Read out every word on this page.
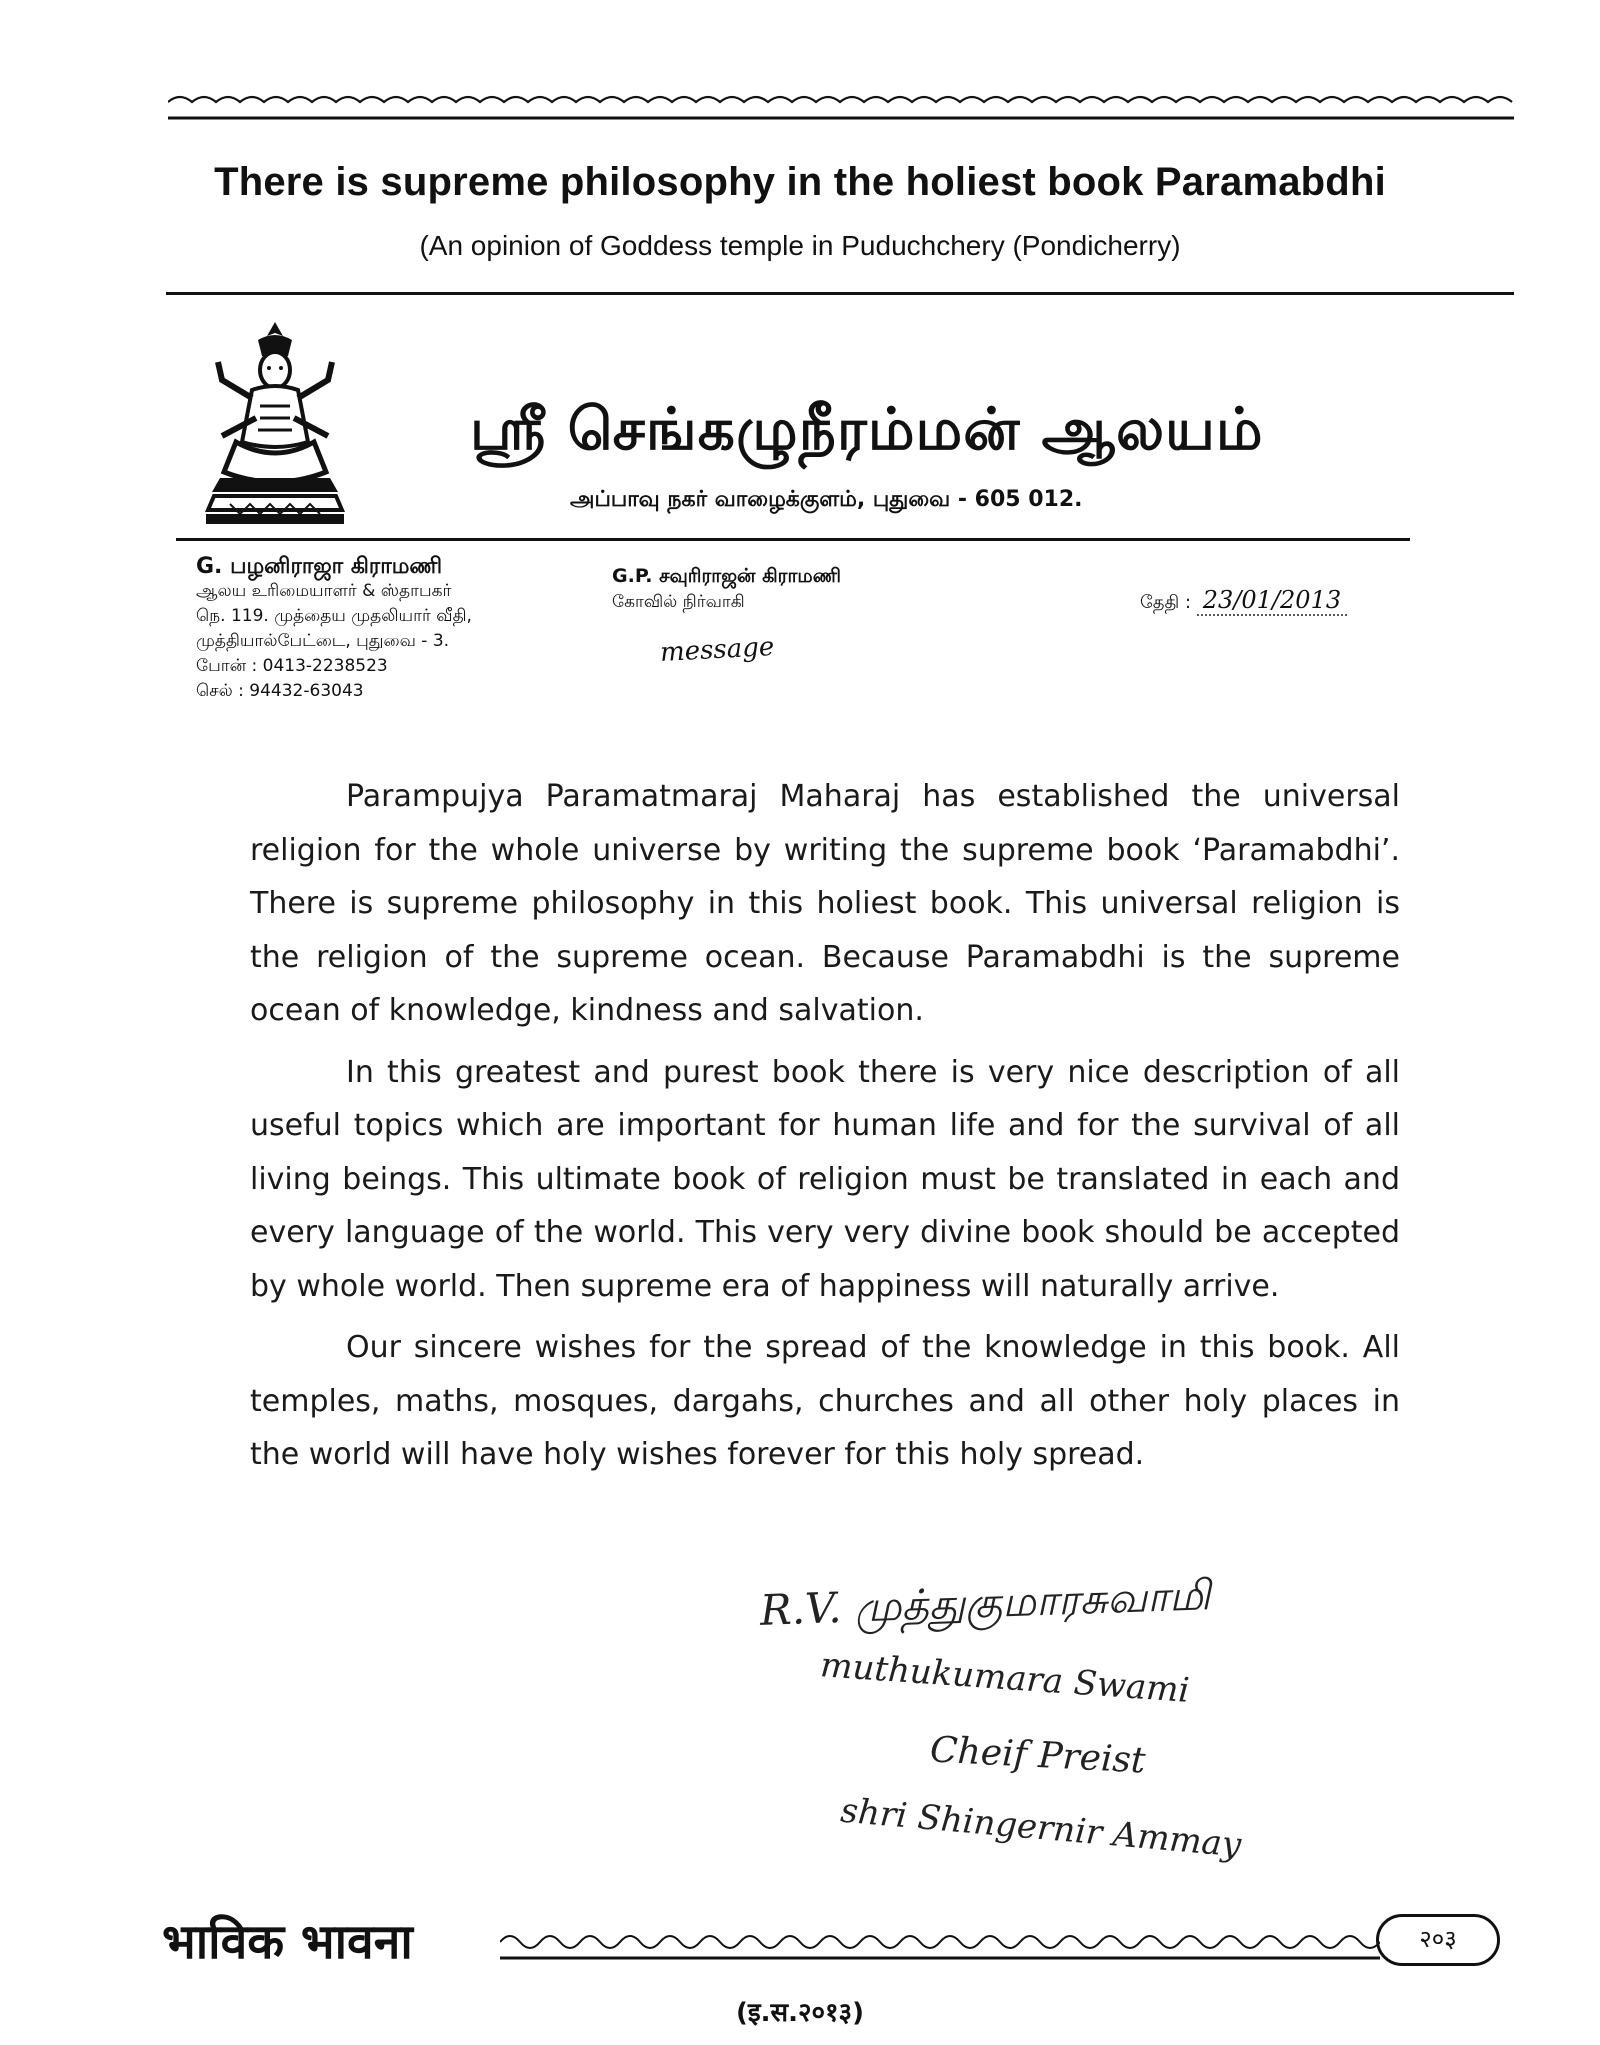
There is supreme philosophy in the holiest book Paramabdhi
(An opinion of Goddess temple in Puduchchery (Pondicherry)
ஸ்ரீ செங்கழுநீரம்மன் ஆலயம்
அப்பாவு நகர் வாழைக்குளம், புதுவை - 605 012.
G. பழனிராஜா கிராமணி
ஆலய உரிமையாளர் & ஸ்தாபகர்
நெ. 119. முத்தைய முதலியார் வீதி,
முத்தியால்பேட்டை, புதுவை - 3.
போன் : 0413-2238523
செல் : 94432-63043
G.P. சவுரிராஜன் கிராமணி
கோவில் நிர்வாகி	தேதி : 23/01/2013
message

Parampujya Paramatmaraj Maharaj has established the universal religion for the whole universe by writing the supreme book ‘Paramabdhi’. There is supreme philosophy in this holiest book. This universal religion is the religion of the supreme ocean. Because Paramabdhi is the supreme ocean of knowledge, kindness and salvation.

In this greatest and purest book there is very nice description of all useful topics which are important for human life and for the survival of all living beings. This ultimate book of religion must be translated in each and every language of the world. This very very divine book should be accepted by whole world. Then supreme era of happiness will naturally arrive.

Our sincere wishes for the spread of the knowledge in this book. All temples, maths, mosques, dargahs, churches and all other holy places in the world will have holy wishes forever for this holy spread.

R.V. முத்துகுமாரசுவாமி
muthukumara Swami
Cheif Preist
shri Shingernir Ammay
भाविक भावना	२०३
(इ.स.२०१३)
